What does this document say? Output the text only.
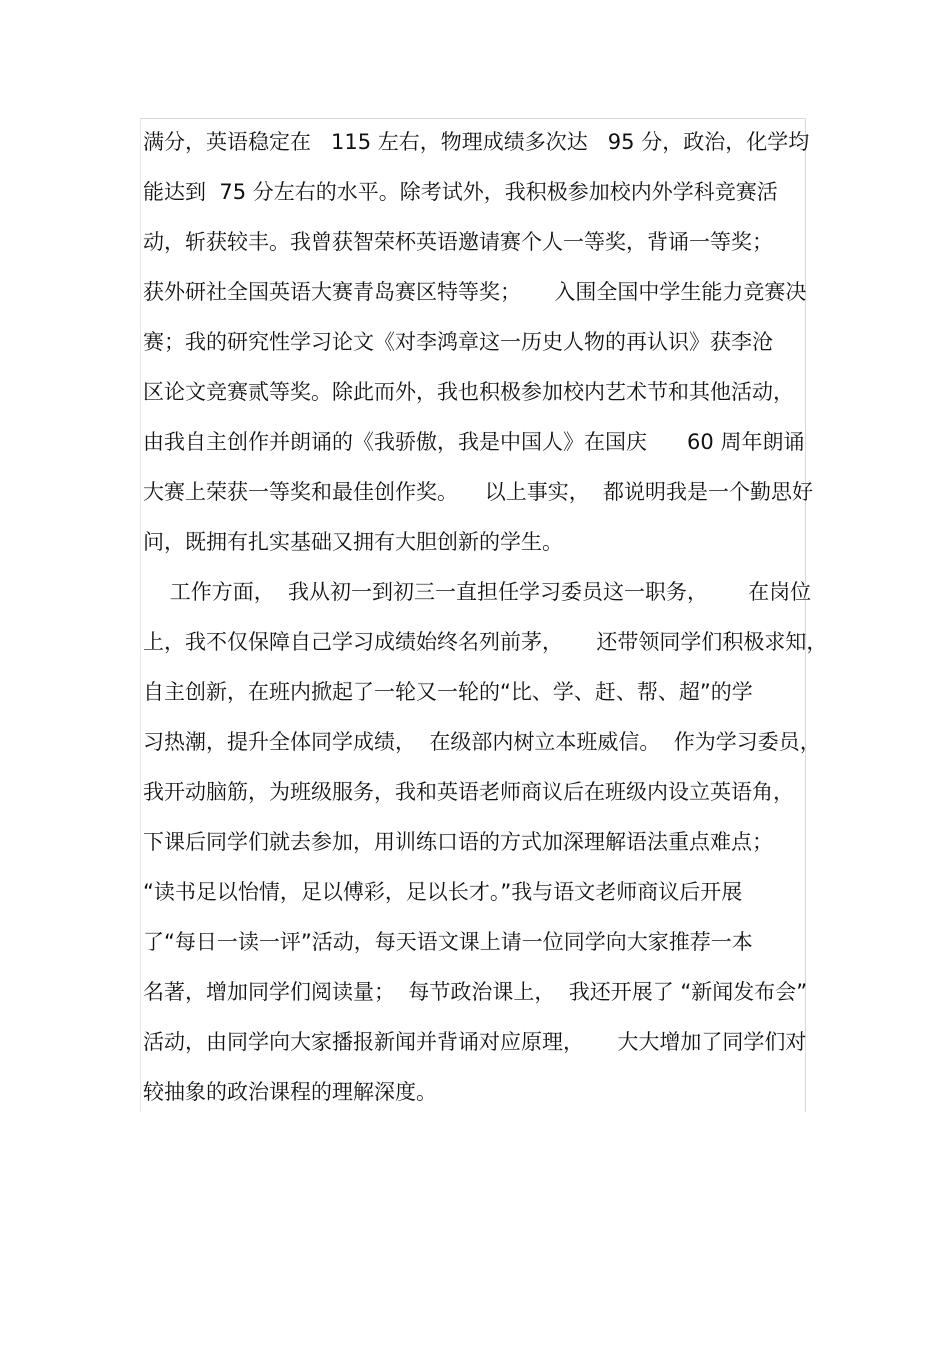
满分，英语稳定在   115 左右，物理成绩多次达   95 分，政治，化学均
能达到  75 分左右的水平。除考试外，我积极参加校内外学科竞赛活
动，斩获较丰。我曾获智荣杯英语邀请赛个人一等奖，背诵一等奖；
获外研社全国英语大赛青岛赛区特等奖；     入围全国中学生能力竞赛决
赛；我的研究性学习论文《对李鸿章这一历史人物的再认识》获李沧
区论文竞赛贰等奖。除此而外，我也积极参加校内艺术节和其他活动，
由我自主创作并朗诵的《我骄傲，我是中国人》在国庆      60 周年朗诵
大赛上荣获一等奖和最佳创作奖。    以上事实，  都说明我是一个勤思好
问，既拥有扎实基础又拥有大胆创新的学生。
工作方面，  我从初一到初三一直担任学习委员这一职务，      在岗位
上，我不仅保障自己学习成绩始终名列前茅，     还带领同学们积极求知，
自主创新，在班内掀起了一轮又一轮的“比、学、赶、帮、超”的学
习热潮，提升全体同学成绩，  在级部内树立本班威信。  作为学习委员，
我开动脑筋，为班级服务，我和英语老师商议后在班级内设立英语角，
下课后同学们就去参加，用训练口语的方式加深理解语法重点难点；
“读书足以怡情，足以傅彩，足以长才。”我与语文老师商议后开展
了“每日一读一评”活动，每天语文课上请一位同学向大家推荐一本
名著，增加同学们阅读量；  每节政治课上，  我还开展了 “新闻发布会”
活动，由同学向大家播报新闻并背诵对应原理，     大大增加了同学们对
较抽象的政治课程的理解深度。
